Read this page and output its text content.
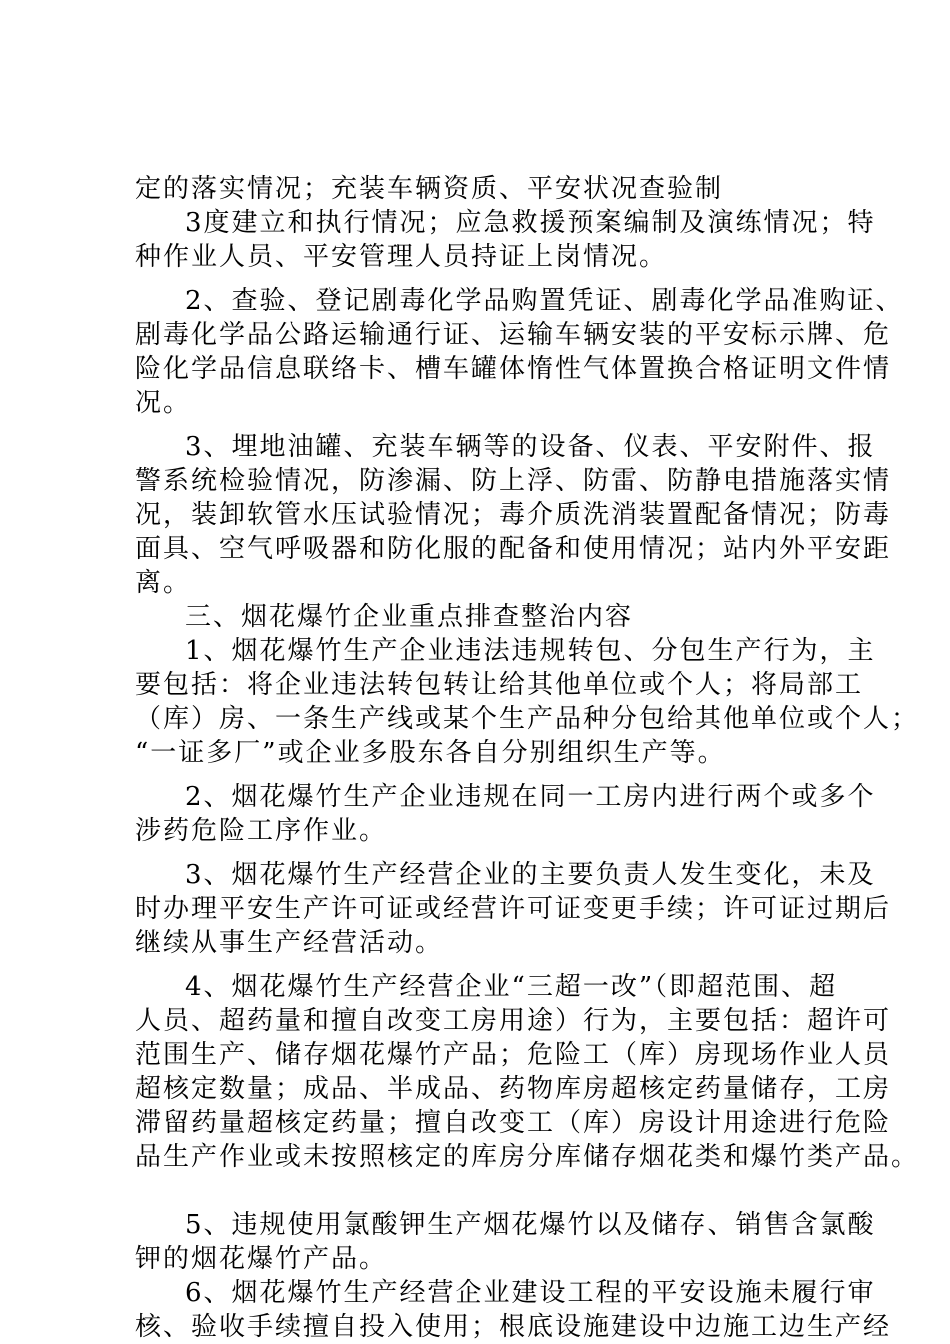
定的落实情况；充装车辆资质、平安状况查验制
3度建立和执行情况；应急救援预案编制及演练情况；特
种作业人员、平安管理人员持证上岗情况。
2、查验、登记剧毒化学品购置凭证、剧毒化学品准购证、
剧毒化学品公路运输通行证、运输车辆安装的平安标示牌、危
险化学品信息联络卡、槽车罐体惰性气体置换合格证明文件情
况。
3、埋地油罐、充装车辆等的设备、仪表、平安附件、报
警系统检验情况，防渗漏、防上浮、防雷、防静电措施落实情
况，装卸软管水压试验情况；毒介质洗消装置配备情况；防毒
面具、空气呼吸器和防化服的配备和使用情况；站内外平安距
离。
三、烟花爆竹企业重点排查整治内容
1、烟花爆竹生产企业违法违规转包、分包生产行为，主
要包括：将企业违法转包转让给其他单位或个人；将局部工
（库）房、一条生产线或某个生产品种分包给其他单位或个人；
“一证多厂”或企业多股东各自分别组织生产等。
2、烟花爆竹生产企业违规在同一工房内进行两个或多个
涉药危险工序作业。
3、烟花爆竹生产经营企业的主要负责人发生变化，未及
时办理平安生产许可证或经营许可证变更手续；许可证过期后
继续从事生产经营活动。
4、烟花爆竹生产经营企业“三超一改”（即超范围、超
人员、超药量和擅自改变工房用途）行为，主要包括：超许可
范围生产、储存烟花爆竹产品；危险工（库）房现场作业人员
超核定数量；成品、半成品、药物库房超核定药量储存，工房
滞留药量超核定药量；擅自改变工（库）房设计用途进行危险
品生产作业或未按照核定的库房分库储存烟花类和爆竹类产品。
5、违规使用氯酸钾生产烟花爆竹以及储存、销售含氯酸
钾的烟花爆竹产品。
6、烟花爆竹生产经营企业建设工程的平安设施未履行审
核、验收手续擅自投入使用；根底设施建设中边施工边生产经
